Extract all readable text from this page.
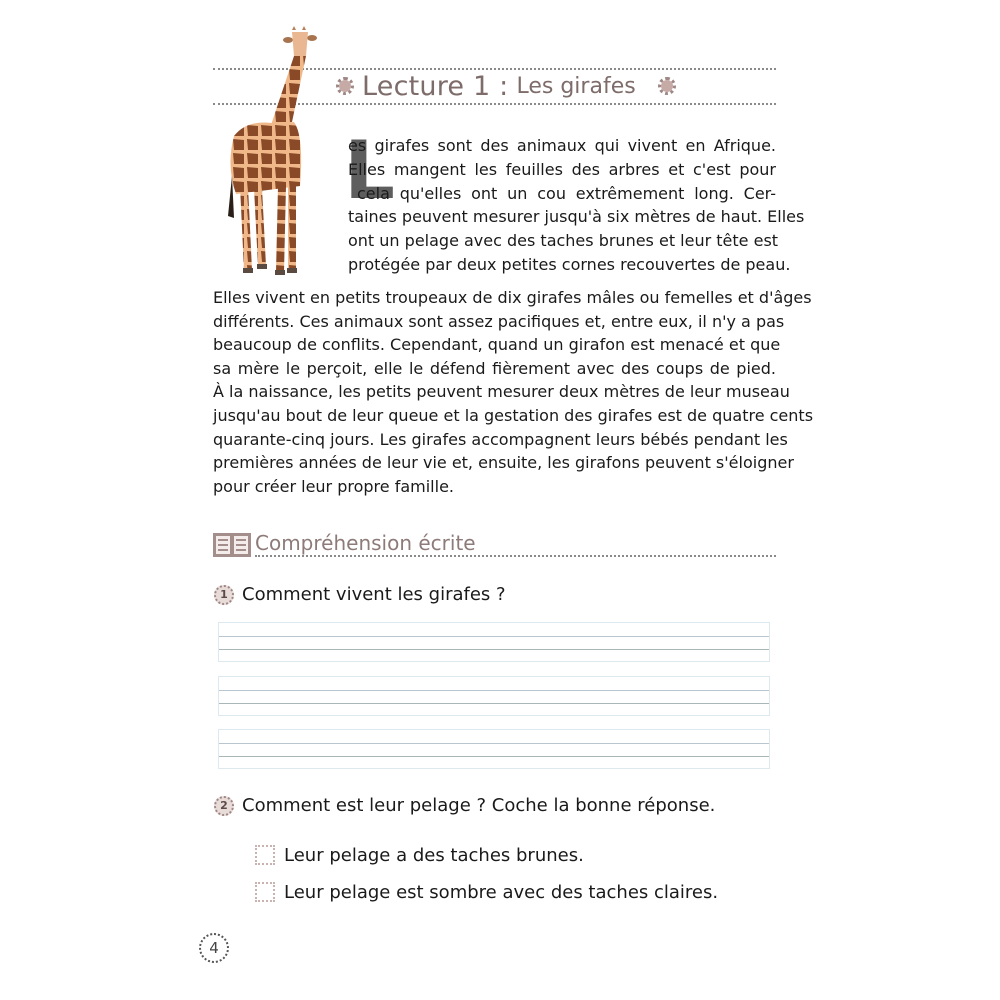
Lecture 1 : Les girafes
L
es girafes sont des animaux qui vivent en Afrique.
Elles mangent les feuilles des arbres et c'est pour
cela qu'elles ont un cou extrêmement long. Cer-
taines peuvent mesurer jusqu'à six mètres de haut. Elles
ont un pelage avec des taches brunes et leur tête est
protégée par deux petites cornes recouvertes de peau.
Elles vivent en petits troupeaux de dix girafes mâles ou femelles et d'âges
différents. Ces animaux sont assez pacifiques et, entre eux, il n'y a pas
beaucoup de conflits. Cependant, quand un girafon est menacé et que
sa mère le perçoit, elle le défend fièrement avec des coups de pied.
À la naissance, les petits peuvent mesurer deux mètres de leur museau
jusqu'au bout de leur queue et la gestation des girafes est de quatre cents
quarante-cinq jours. Les girafes accompagnent leurs bébés pendant les
premières années de leur vie et, ensuite, les girafons peuvent s'éloigner
pour créer leur propre famille.
Compréhension écrite
1 Comment vivent les girafes ?
2 Comment est leur pelage ? Coche la bonne réponse.
Leur pelage a des taches brunes.
Leur pelage est sombre avec des taches claires.
4
